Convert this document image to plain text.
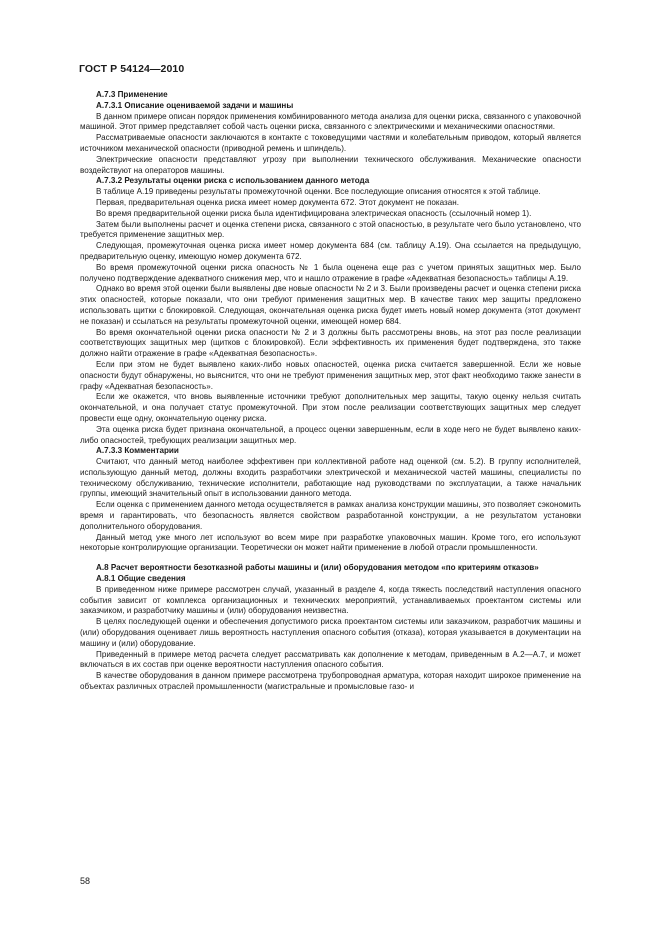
ГОСТ Р 54124—2010
А.7.3 Применение
А.7.3.1 Описание оцениваемой задачи и машины

В данном примере описан порядок применения комбинированного метода анализа для оценки риска, связанного с упаковочной машиной. Этот пример представляет собой часть оценки риска, связанного с электрическими и механическими опасностями.

Рассматриваемые опасности заключаются в контакте с токоведущими частями и колебательным приводом, который является источником механической опасности (приводной ремень и шпиндель).

Электрические опасности представляют угрозу при выполнении технического обслуживания. Механические опасности воздействуют на операторов машины.

А.7.3.2 Результаты оценки риска с использованием данного метода

В таблице А.19 приведены результаты промежуточной оценки. Все последующие описания относятся к этой таблице.

Первая, предварительная оценка риска имеет номер документа 672. Этот документ не показан.

Во время предварительной оценки риска была идентифицирована электрическая опасность (ссылочный номер 1).

Затем были выполнены расчет и оценка степени риска, связанного с этой опасностью, в результате чего было установлено, что требуется применение защитных мер.

Следующая, промежуточная оценка риска имеет номер документа 684 (см. таблицу А.19). Она ссылается на предыдущую, предварительную оценку, имеющую номер документа 672.

Во время промежуточной оценки риска опасность № 1 была оценена еще раз с учетом принятых защитных мер. Было получено подтверждение адекватного снижения мер, что и нашло отражение в графе «Адекватная безопасность» таблицы А.19.

Однако во время этой оценки были выявлены две новые опасности № 2 и 3. Были произведены расчет и оценка степени риска этих опасностей, которые показали, что они требуют применения защитных мер. В качестве таких мер защиты предложено использовать щитки с блокировкой. Следующая, окончательная оценка риска будет иметь новый номер документа (этот документ не показан) и ссылаться на результаты промежуточной оценки, имеющей номер 684.

Во время окончательной оценки риска опасности № 2 и 3 должны быть рассмотрены вновь, на этот раз после реализации соответствующих защитных мер (щитков с блокировкой). Если эффективность их применения будет подтверждена, это также должно найти отражение в графе «Адекватная безопасность».

Если при этом не будет выявлено каких-либо новых опасностей, оценка риска считается завершенной. Если же новые опасности будут обнаружены, но выяснится, что они не требуют применения защитных мер, этот факт необходимо также занести в графу «Адекватная безопасность».

Если же окажется, что вновь выявленные источники требуют дополнительных мер защиты, такую оценку нельзя считать окончательной, и она получает статус промежуточной. При этом после реализации соответствующих защитных мер следует провести еще одну, окончательную оценку риска.

Эта оценка риска будет признана окончательной, а процесс оценки завершенным, если в ходе него не будет выявлено каких-либо опасностей, требующих реализации защитных мер.

А.7.3.3 Комментарии

Считают, что данный метод наиболее эффективен при коллективной работе над оценкой (см. 5.2). В группу исполнителей, использующую данный метод, должны входить разработчики электрической и механической частей машины, специалисты по техническому обслуживанию, технические исполнители, работающие над руководствами по эксплуатации, а также начальник группы, имеющий значительный опыт в использовании данного метода.

Если оценка с применением данного метода осуществляется в рамках анализа конструкции машины, это позволяет сэкономить время и гарантировать, что безопасность является свойством разработанной конструкции, а не результатом установки дополнительного оборудования.

Данный метод уже много лет используют во всем мире при разработке упаковочных машин. Кроме того, его используют некоторые контролирующие организации. Теоретически он может найти применение в любой отрасли промышленности.

А.8 Расчет вероятности безотказной работы машины и (или) оборудования методом «по критериям отказов»
А.8.1 Общие сведения

В приведенном ниже примере рассмотрен случай, указанный в разделе 4, когда тяжесть последствий наступления опасного события зависит от комплекса организационных и технических мероприятий, устанавливаемых проектантом системы или заказчиком, и разработчику машины и (или) оборудования неизвестна.

В целях последующей оценки и обеспечения допустимого риска проектантом системы или заказчиком, разработчик машины и (или) оборудования оценивает лишь вероятность наступления опасного события (отказа), которая указывается в документации на машину и (или) оборудование.

Приведенный в примере метод расчета следует рассматривать как дополнение к методам, приведенным в А.2—А.7, и может включаться в их состав при оценке вероятности наступления опасного события.

В качестве оборудования в данном примере рассмотрена трубопроводная арматура, которая находит широкое применение на объектах различных отраслей промышленности (магистральные и промысловые газо- и

58
